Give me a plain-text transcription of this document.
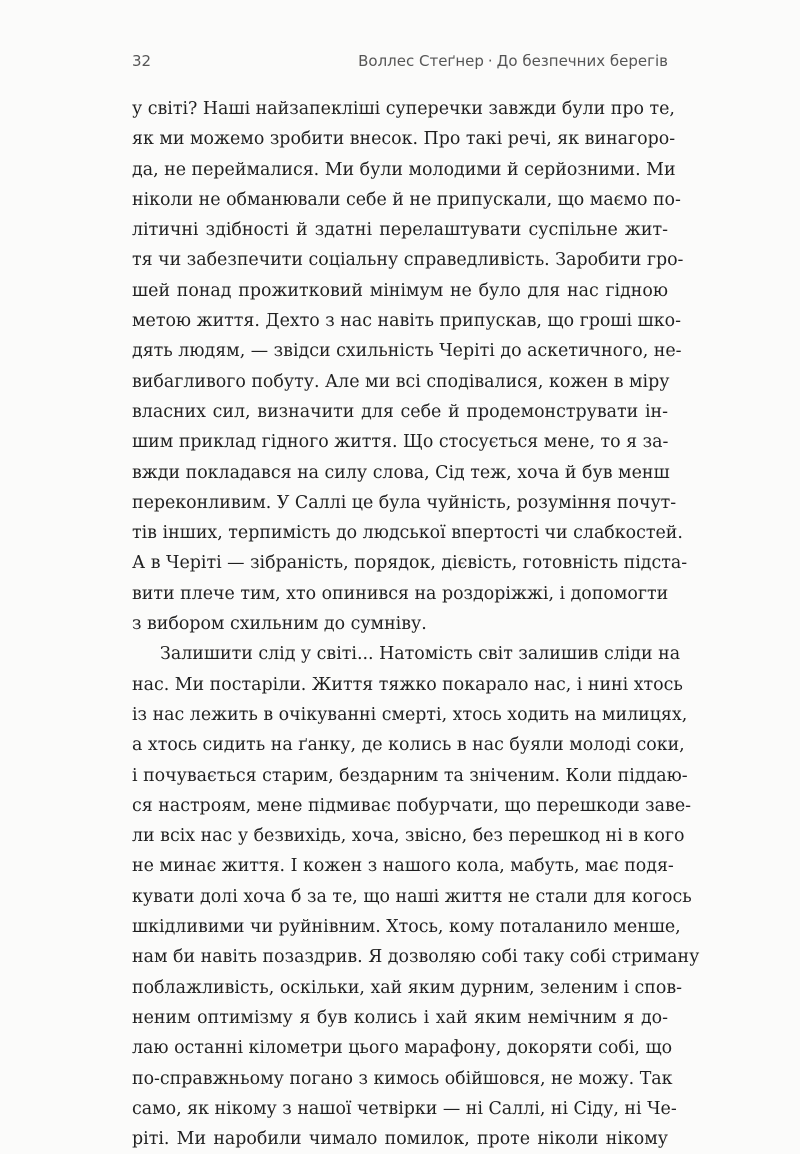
32	Воллес Стеґнер · До безпечних берегів
у світі? Наші найзапекліші суперечки завжди були про те,
як ми можемо зробити внесок. Про такі речі, як винагоро-
да, не переймалися. Ми були молодими й серйозними. Ми
ніколи не обманювали себе й не припускали, що маємо по-
літичні здібності й здатні перелаштувати суспільне жит-
тя чи забезпечити соціальну справедливість. Заробити гро-
шей понад прожитковий мінімум не було для нас гідною
метою життя. Дехто з нас навіть припускав, що гроші шко-
дять людям, — звідси схильність Черіті до аскетичного, не-
вибагливого побуту. Але ми всі сподівалися, кожен в міру
власних сил, визначити для себе й продемонструвати ін-
шим приклад гідного життя. Що стосується мене, то я за-
вжди покладався на силу слова, Сід теж, хоча й був менш
переконливим. У Саллі це була чуйність, розуміння почут-
тів інших, терпимість до людської впертості чи слабкостей.
А в Черіті — зібраність, порядок, дієвість, готовність підста-
вити плече тим, хто опинився на роздоріжжі, і допомогти
з вибором схильним до сумніву.
Залишити слід у світі... Натомість світ залишив сліди на
нас. Ми постаріли. Життя тяжко покарало нас, і нині хтось
із нас лежить в очікуванні смерті, хтось ходить на милицях,
а хтось сидить на ґанку, де колись в нас буяли молоді соки,
і почувається старим, бездарним та зніченим. Коли піддаю-
ся настроям, мене підмиває побурчати, що перешкоди заве-
ли всіх нас у безвихідь, хоча, звісно, без перешкод ні в кого
не минає життя. І кожен з нашого кола, мабуть, має подя-
кувати долі хоча б за те, що наші життя не стали для когось
шкідливими чи руйнівним. Хтось, кому поталанило менше,
нам би навіть позаздрив. Я дозволяю собі таку собі стриману
поблажливість, оскільки, хай яким дурним, зеленим і спов-
неним оптимізму я був колись і хай яким немічним я до-
лаю останні кілометри цього марафону, докоряти собі, що
по-справжньому погано з кимось обійшовся, не можу. Так
само, як нікому з нашої четвірки — ні Саллі, ні Сіду, ні Че-
ріті. Ми наробили чимало помилок, проте ніколи нікому
